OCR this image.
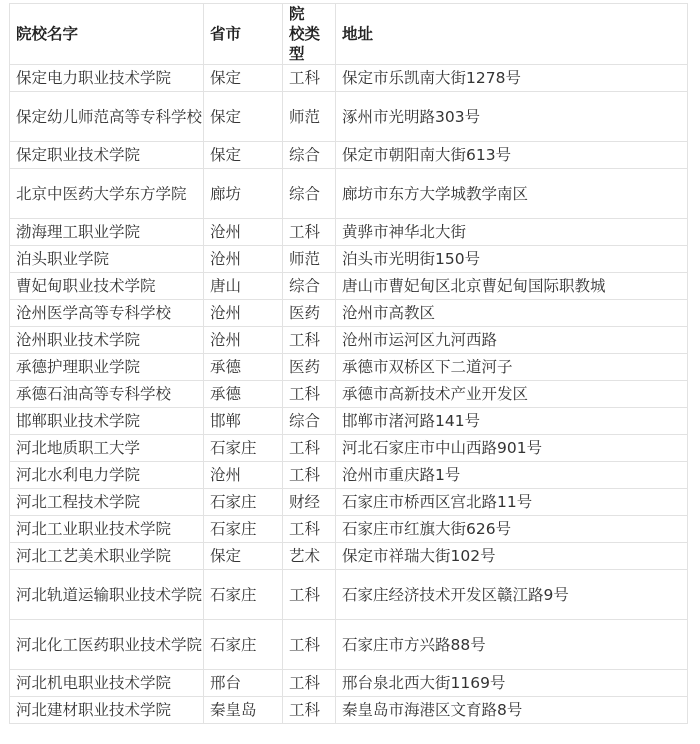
院校名字	省市	院　校类型	地址
保定电力职业技术学院	保定	工科	保定市乐凯南大街1278号
保定幼儿师范高等专科学校	保定	师范	涿州市光明路303号
保定职业技术学院	保定	综合	保定市朝阳南大街613号
北京中医药大学东方学院	廊坊	综合	廊坊市东方大学城教学南区
渤海理工职业学院	沧州	工科	黄骅市神华北大街
泊头职业学院	沧州	师范	泊头市光明街150号
曹妃甸职业技术学院	唐山	综合	唐山市曹妃甸区北京曹妃甸国际职教城
沧州医学高等专科学校	沧州	医药	沧州市高教区
沧州职业技术学院	沧州	工科	沧州市运河区九河西路
承德护理职业学院	承德	医药	承德市双桥区下二道河子
承德石油高等专科学校	承德	工科	承德市高新技术产业开发区
邯郸职业技术学院	邯郸	综合	邯郸市渚河路141号
河北地质职工大学	石家庄	工科	河北石家庄市中山西路901号
河北水利电力学院	沧州	工科	沧州市重庆路1号
河北工程技术学院	石家庄	财经	石家庄市桥西区宫北路11号
河北工业职业技术学院	石家庄	工科	石家庄市红旗大街626号
河北工艺美术职业学院	保定	艺术	保定市祥瑞大街102号
河北轨道运输职业技术学院	石家庄	工科	石家庄经济技术开发区赣江路9号
河北化工医药职业技术学院	石家庄	工科	石家庄市方兴路88号
河北机电职业技术学院	邢台	工科	邢台泉北西大街1169号
河北建材职业技术学院	秦皇岛	工科	秦皇岛市海港区文育路8号
